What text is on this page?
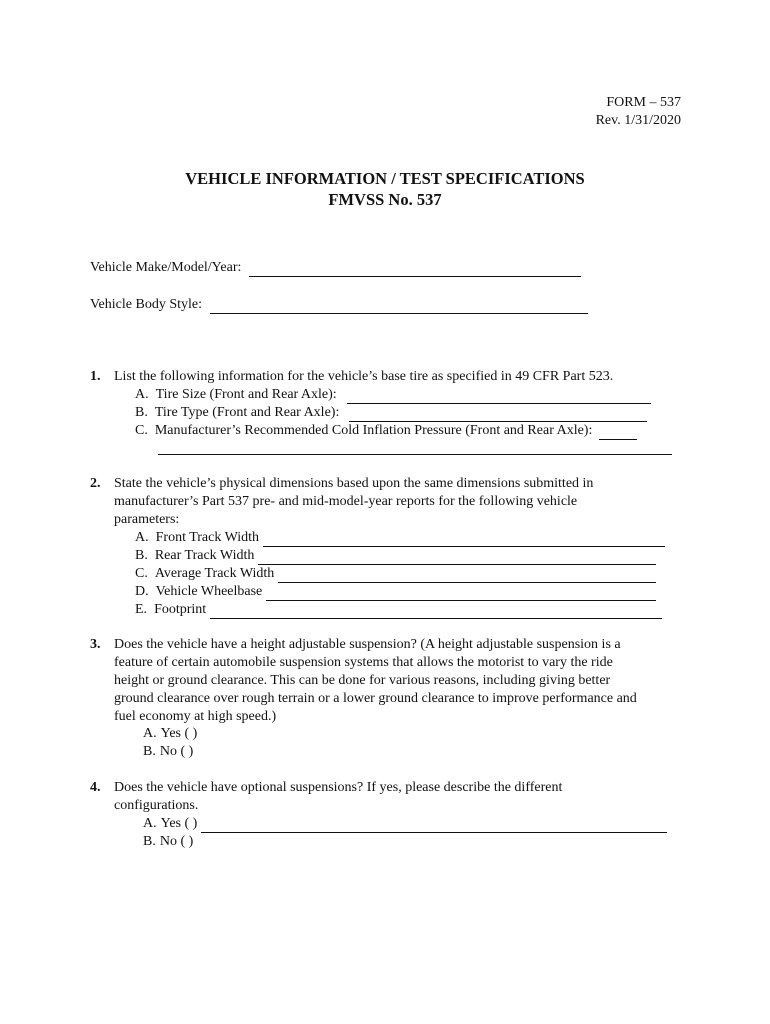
FORM – 537
Rev. 1/31/2020
VEHICLE INFORMATION / TEST SPECIFICATIONS
FMVSS No. 537
Vehicle Make/Model/Year:
Vehicle Body Style:
1. List the following information for the vehicle’s base tire as specified in 49 CFR Part 523.
A. Tire Size (Front and Rear Axle):
B. Tire Type (Front and Rear Axle):
C. Manufacturer’s Recommended Cold Inflation Pressure (Front and Rear Axle):
2. State the vehicle’s physical dimensions based upon the same dimensions submitted in
manufacturer’s Part 537 pre- and mid-model-year reports for the following vehicle
parameters:
A. Front Track Width
B. Rear Track Width
C. Average Track Width
D. Vehicle Wheelbase
E. Footprint
3. Does the vehicle have a height adjustable suspension? (A height adjustable suspension is a
feature of certain automobile suspension systems that allows the motorist to vary the ride
height or ground clearance. This can be done for various reasons, including giving better
ground clearance over rough terrain or a lower ground clearance to improve performance and
fuel economy at high speed.)
A. Yes ( )
B. No ( )
4. Does the vehicle have optional suspensions? If yes, please describe the different
configurations.
A. Yes ( )
B. No ( )
